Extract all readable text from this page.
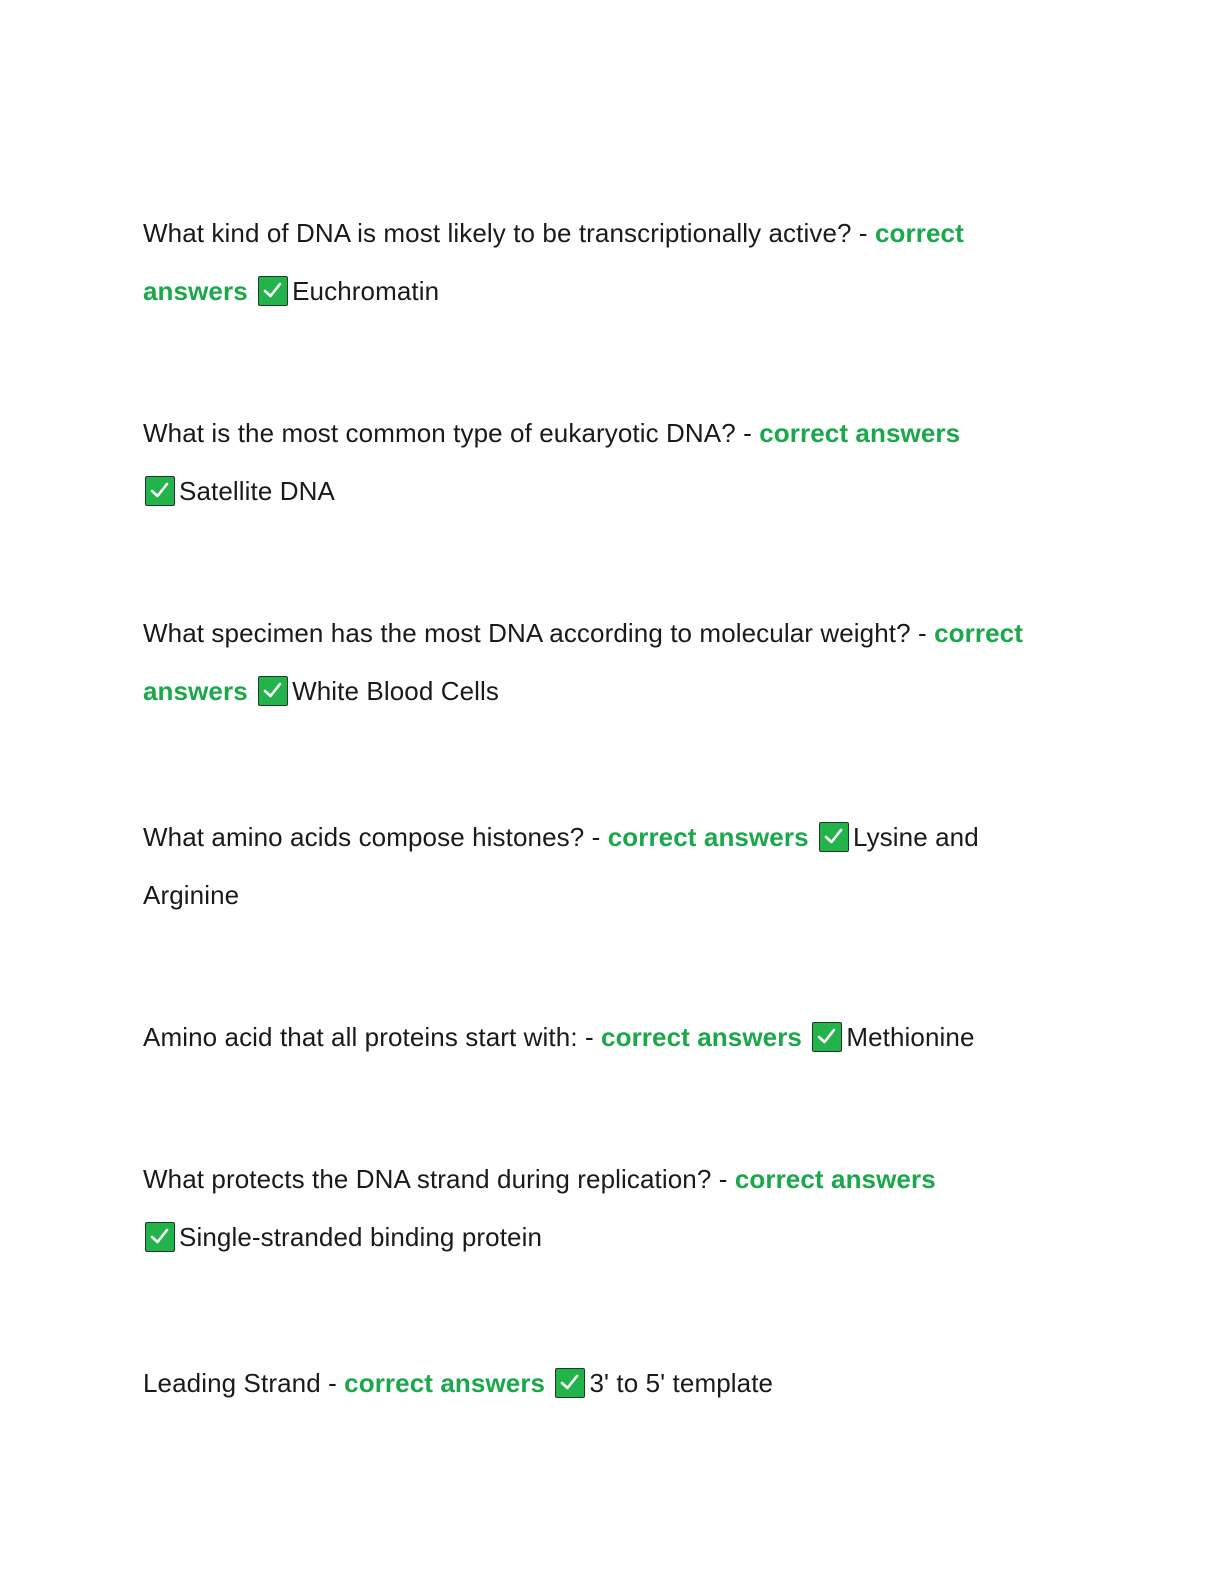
What kind of DNA is most likely to be transcriptionally active? - correct answers Euchromatin
What is the most common type of eukaryotic DNA? - correct answers

Satellite DNA
What specimen has the most DNA according to molecular weight? - correct answers White Blood Cells
What amino acids compose histones? - correct answers Lysine and Arginine
Amino acid that all proteins start with: - correct answers Methionine
What protects the DNA strand during replication? - correct answers

Single-stranded binding protein
Leading Strand - correct answers 3' to 5' template
